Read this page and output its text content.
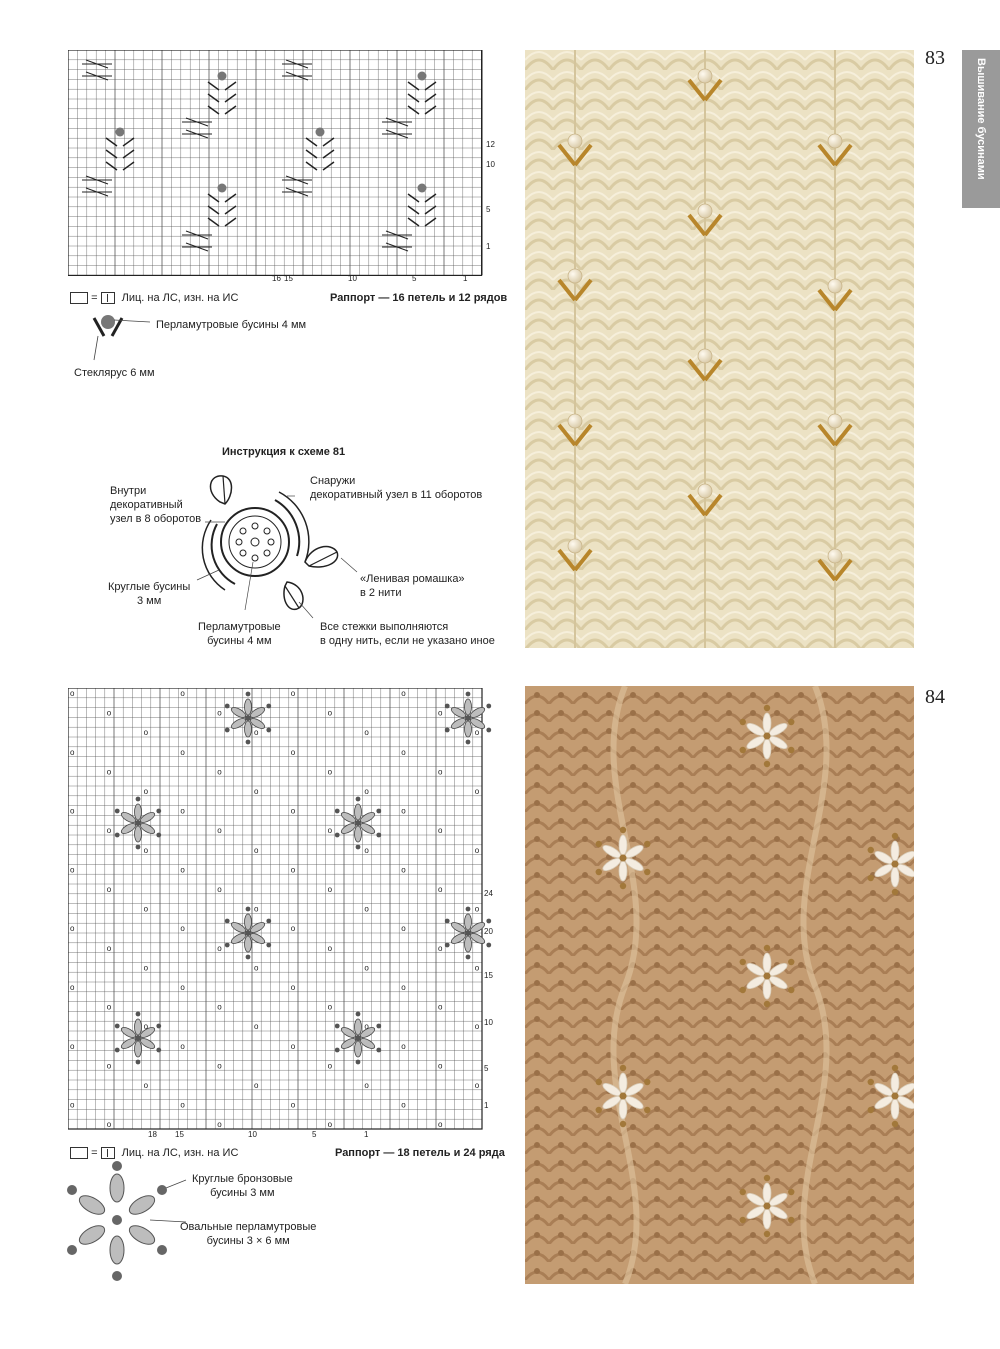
83
84
Вышивание бусинами
12
10
5
1
16 15	10	5	1
= Лиц. на ЛС, изн. на ИС	Раппорт — 16 петель и 12 рядов
Перламутровые бусины 4 мм
Стеклярус 6 мм
Инструкция к схеме 81
Внутри
декоративный
узел в 8 оборотов
Снаружи
декоративный узел в 11 оборотов
Круглые бусины
3 мм
Перламутровые
бусины 4 мм
«Ленивая ромашка»
в 2 нити
Все стежки выполняются
в одну нить, если не указано иное
o	o	o	o
o	o	o	o
o	o	o	o
o	o	o	o
o	o	o	o
o	o	o	o
o	o	o	o
o	o	o	o
o	o	o	o
o	o	o	o
o	o	o	o
o	o	o	o
o	o	o	o
o	o	o	o
o	o	o	o
o	o	o	o
o	o	o	o
o	o	o	o
o	o	o	o
o	o	o	o
o	o	o	o
o	o	o	o
o	o	o	o
24
20
15
10
5
1
18 15	10	5	1
= Лиц. на ЛС, изн. на ИС	Раппорт — 18 петель и 24 ряда
Круглые бронзовые
бусины 3 мм
Овальные перламутровые
бусины 3 × 6 мм
